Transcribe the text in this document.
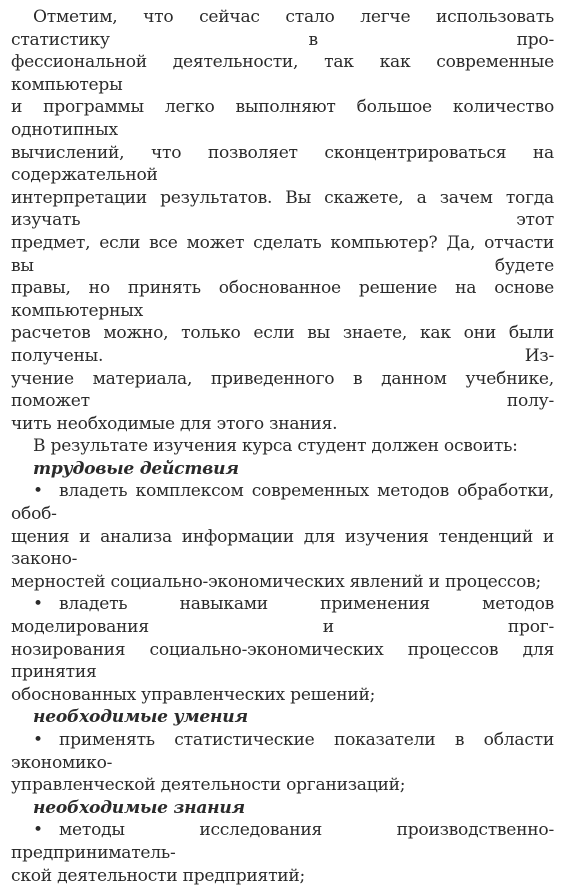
Отметим, что сейчас стало легче использовать статистику в про-
фессиональной деятельности, так как современные компьютеры
и программы легко выполняют большое количество однотипных
вычислений, что позволяет сконцентрироваться на содержательной
интерпретации результатов. Вы скажете, а зачем тогда изучать этот
предмет, если все может сделать компьютер? Да, отчасти вы будете
правы, но принять обоснованное решение на основе компьютерных
расчетов можно, только если вы знаете, как они были получены. Из-
учение материала, приведенного в данном учебнике, поможет полу-
чить необходимые для этого знания.
В результате изучения курса студент должен освоить:
трудовые действия
• владеть комплексом современных методов обработки, обоб-
щения и анализа информации для изучения тенденций и законо-
мерностей социально-экономических явлений и процессов;
• владеть навыками применения методов моделирования и прог-
нозирования социально-экономических процессов для принятия
обоснованных управленческих решений;
необходимые умения
• применять статистические показатели в области экономико-
управленческой деятельности организаций;
необходимые знания
• методы исследования производственно-предприниматель-
ской деятельности предприятий;
